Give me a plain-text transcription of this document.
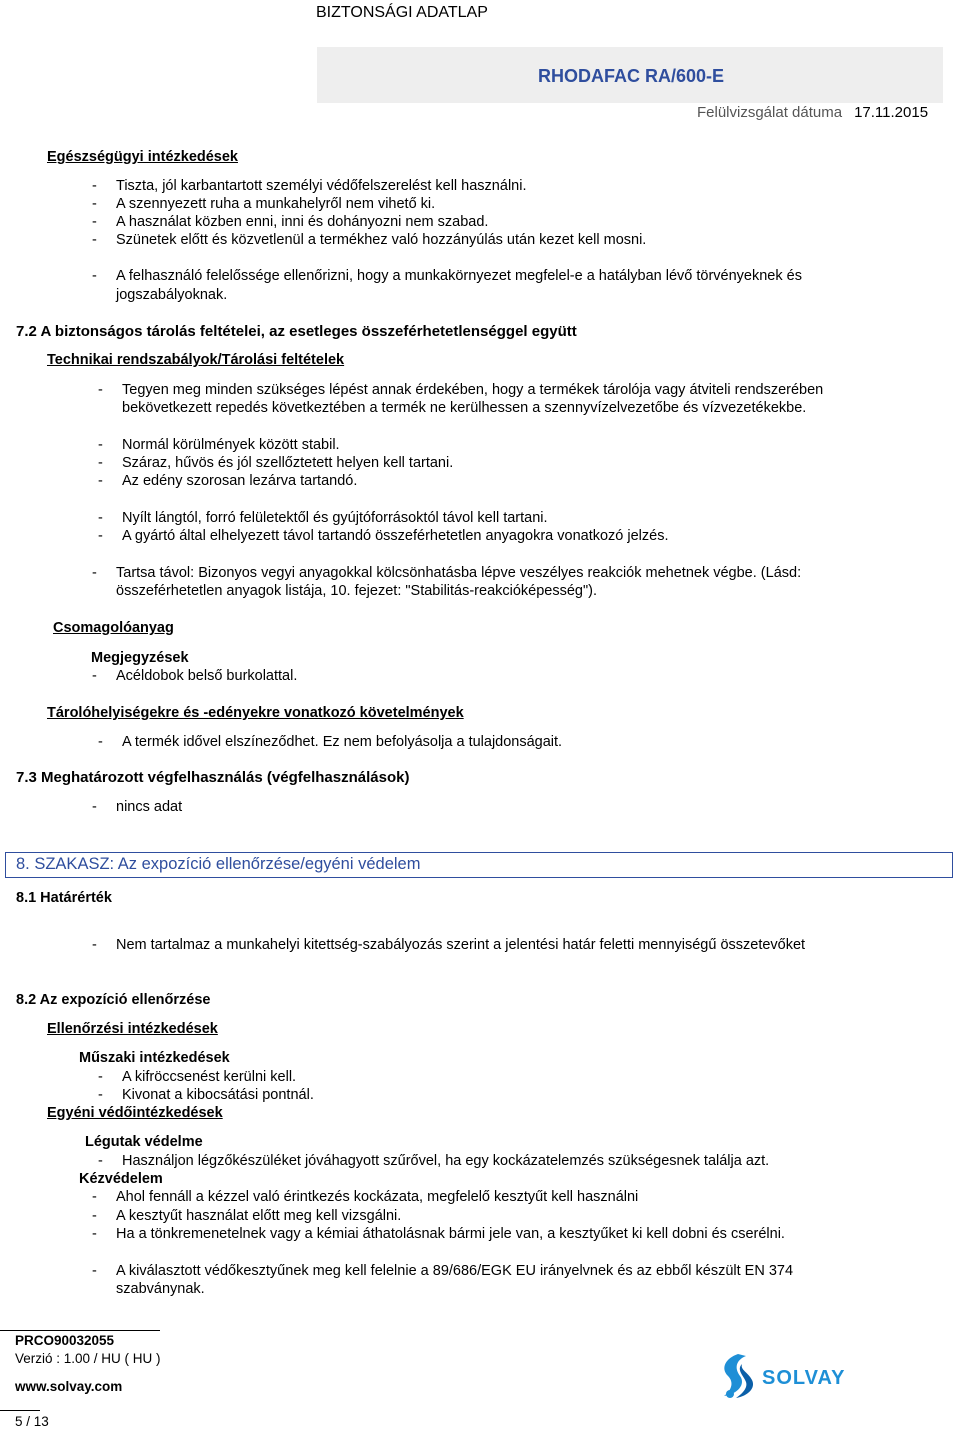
BIZTONSÁGI ADATLAP
RHODAFAC RA/600-E
Felülvizsgálat dátuma 17.11.2015
Egészségügyi intézkedések
- Tiszta, jól karbantartott személyi védőfelszerelést kell használni.
- A szennyezett ruha a munkahelyről nem vihető ki.
- A használat közben enni, inni és dohányozni nem szabad.
- Szünetek előtt és közvetlenül a termékhez való hozzányúlás után kezet kell mosni.
- A felhasználó felelőssége ellenőrizni, hogy a munkakörnyezet megfelel-e a hatályban lévő törvényeknek és
jogszabályoknak.
7.2 A biztonságos tárolás feltételei, az esetleges összeférhetetlenséggel együtt
Technikai rendszabályok/Tárolási feltételek
- Tegyen meg minden szükséges lépést annak érdekében, hogy a termékek tárolója vagy átviteli rendszerében
bekövetkezett repedés következtében a termék ne kerülhessen a szennyvízelvezetőbe és vízvezetékekbe.
- Normál körülmények között stabil.
- Száraz, hűvös és jól szellőztetett helyen kell tartani.
- Az edény szorosan lezárva tartandó.
- Nyílt lángtól, forró felületektől és gyújtóforrásoktól távol kell tartani.
- A gyártó által elhelyezett távol tartandó összeférhetetlen anyagokra vonatkozó jelzés.
- Tartsa távol: Bizonyos vegyi anyagokkal kölcsönhatásba lépve veszélyes reakciók mehetnek végbe. (Lásd:
összeférhetetlen anyagok listája, 10. fejezet: "Stabilitás-reakcióképesség").
Csomagolóanyag
Megjegyzések
- Acéldobok belső burkolattal.
Tárolóhelyiségekre és -edényekre vonatkozó követelmények
- A termék idővel elszíneződhet. Ez nem befolyásolja a tulajdonságait.
7.3 Meghatározott végfelhasználás (végfelhasználások)
- nincs adat
8. SZAKASZ: Az expozíció ellenőrzése/egyéni védelem
8.1 Határérték
- Nem tartalmaz a munkahelyi kitettség-szabályozás szerint a jelentési határ feletti mennyiségű összetevőket
8.2 Az expozíció ellenőrzése
Ellenőrzési intézkedések
Műszaki intézkedések
- A kifröccsenést kerülni kell.
- Kivonat a kibocsátási pontnál.
Egyéni védőintézkedések
Légutak védelme
- Használjon légzőkészüléket jóváhagyott szűrővel, ha egy kockázatelemzés szükségesnek találja azt.
Kézvédelem
- Ahol fennáll a kézzel való érintkezés kockázata, megfelelő kesztyűt kell használni
- A kesztyűt használat előtt meg kell vizsgálni.
- Ha a tönkremenetelnek vagy a kémiai áthatolásnak bármi jele van, a kesztyűket ki kell dobni és cserélni.
- A kiválasztott védőkesztyűnek meg kell felelnie a 89/686/EGK EU irányelvnek és az ebből készült EN 374
szabványnak.
PRCO90032055
Verzió : 1.00 / HU ( HU )
www.solvay.com
5 / 13
SOLVAY
